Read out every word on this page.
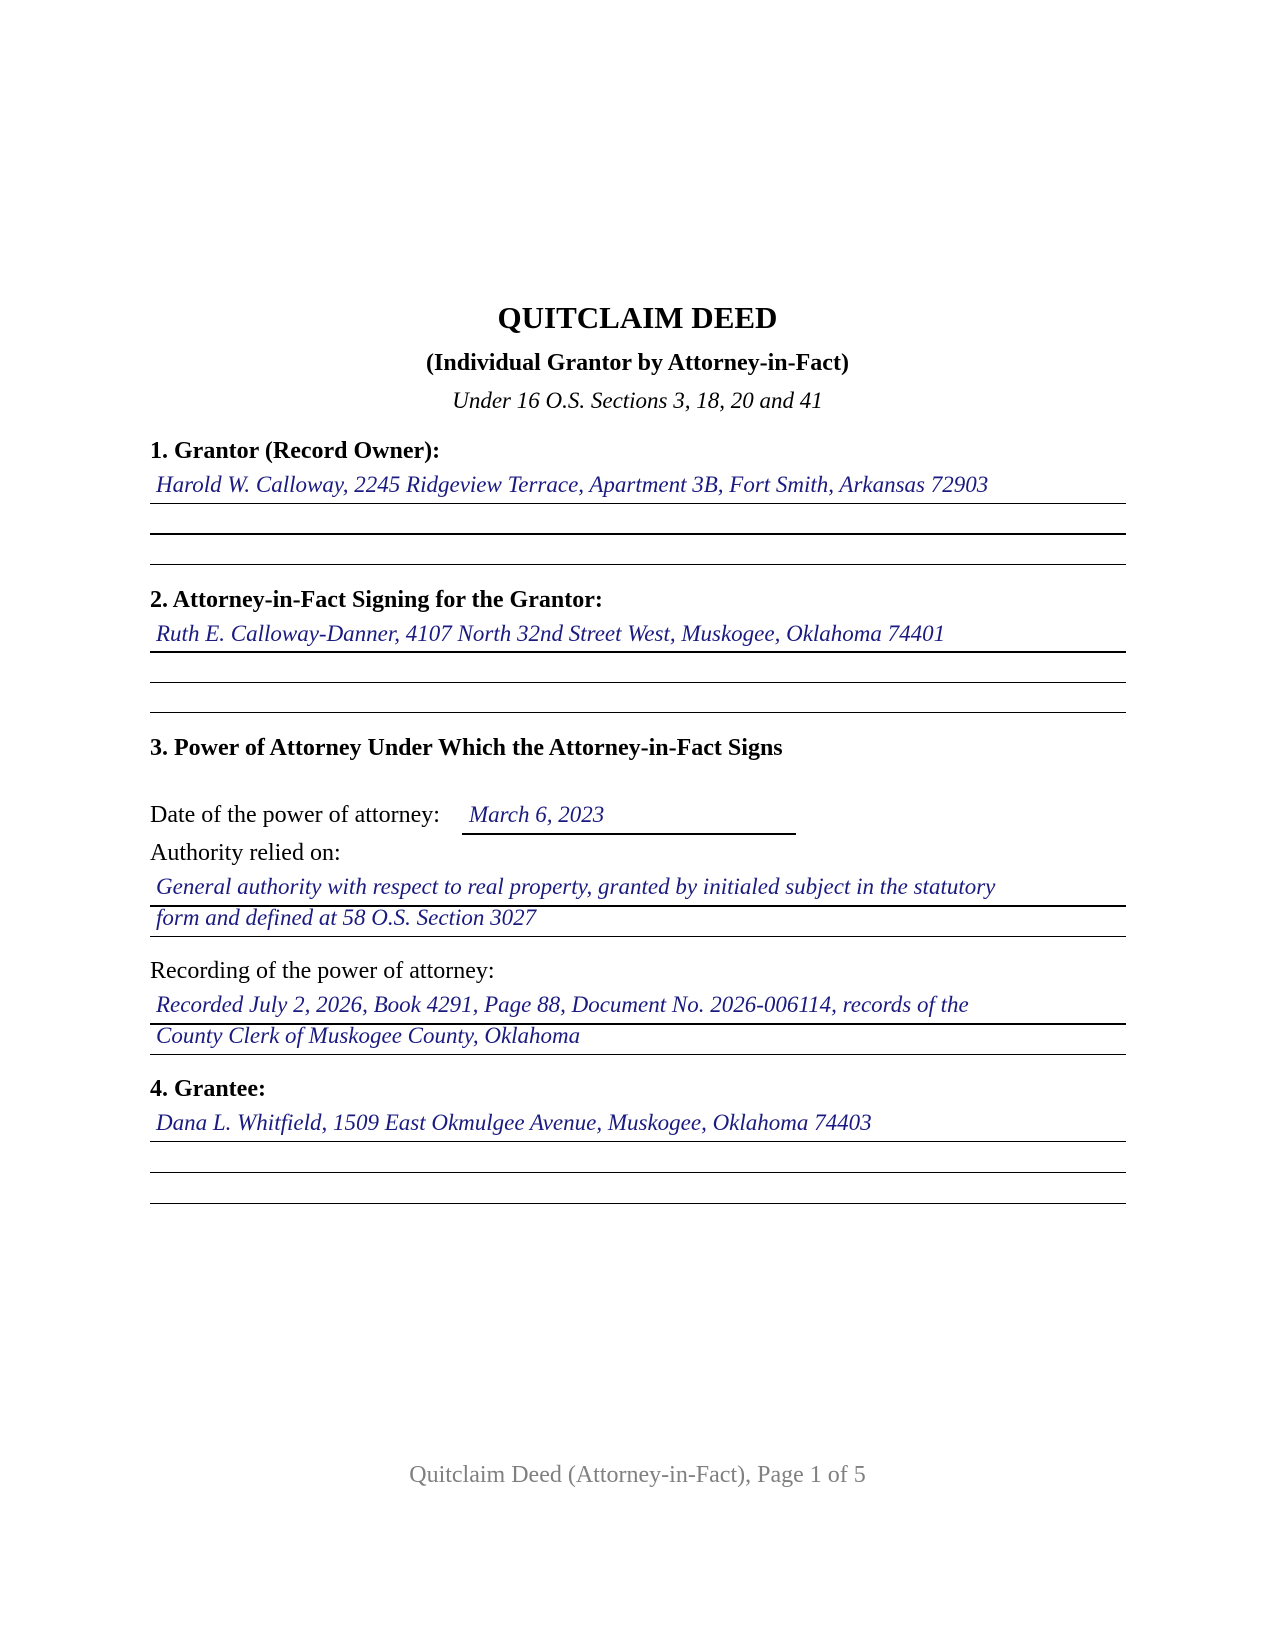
QUITCLAIM DEED
(Individual Grantor by Attorney-in-Fact)
Under 16 O.S. Sections 3, 18, 20 and 41
1. Grantor (Record Owner):
Harold W. Calloway, 2245 Ridgeview Terrace, Apartment 3B, Fort Smith, Arkansas 72903
2. Attorney-in-Fact Signing for the Grantor:
Ruth E. Calloway-Danner, 4107 North 32nd Street West, Muskogee, Oklahoma 74401
3. Power of Attorney Under Which the Attorney-in-Fact Signs
Date of the power of attorney: March 6, 2023
Authority relied on:
General authority with respect to real property, granted by initialed subject in the statutory
form and defined at 58 O.S. Section 3027
Recording of the power of attorney:
Recorded July 2, 2026, Book 4291, Page 88, Document No. 2026-006114, records of the
County Clerk of Muskogee County, Oklahoma
4. Grantee:
Dana L. Whitfield, 1509 East Okmulgee Avenue, Muskogee, Oklahoma 74403
Quitclaim Deed (Attorney-in-Fact), Page 1 of 5
